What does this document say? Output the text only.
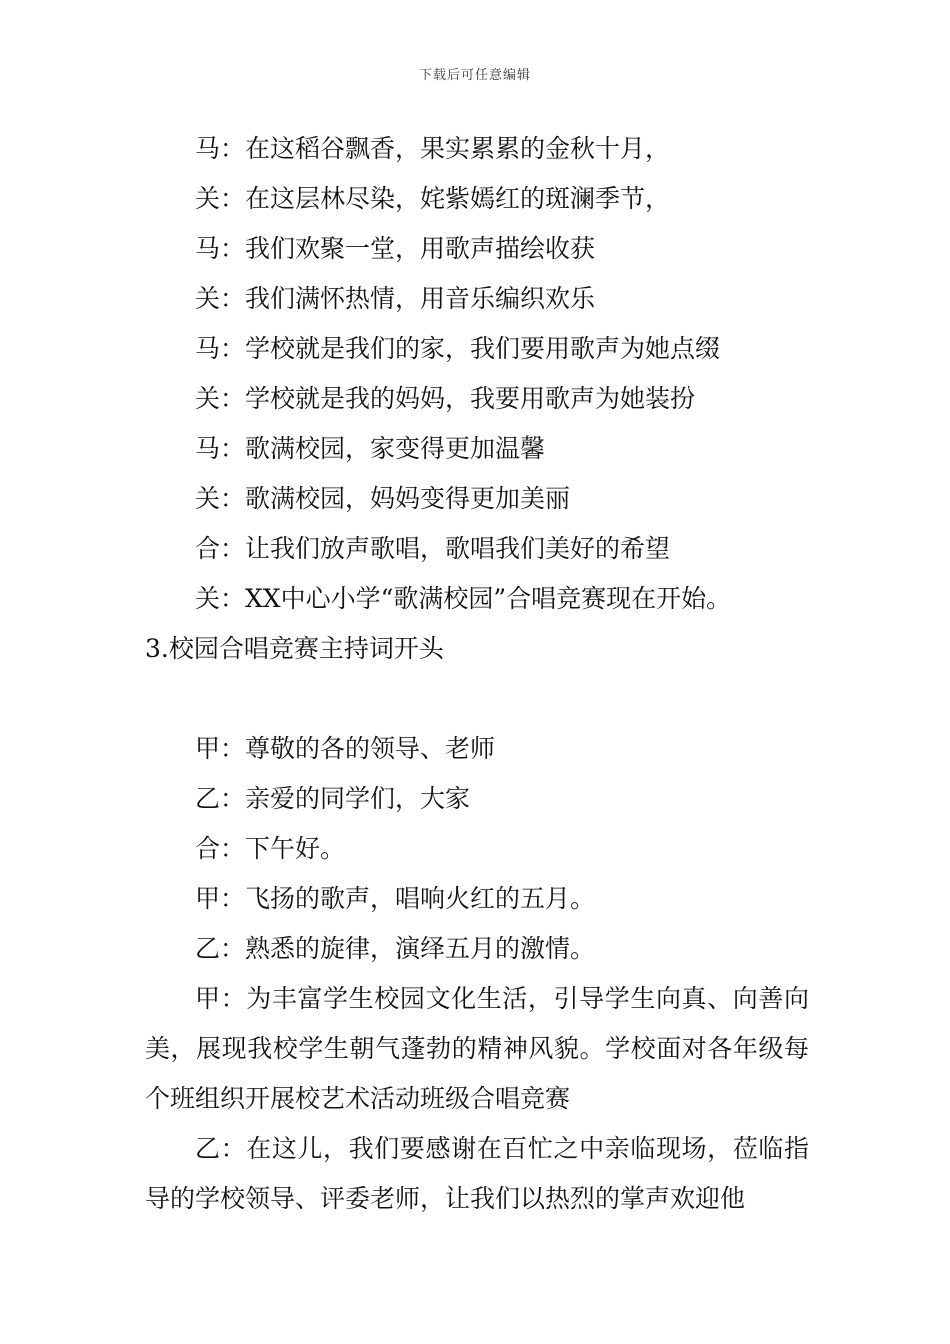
下载后可任意编辑
马：在这稻谷飘香，果实累累的金秋十月，
关：在这层林尽染，姹紫嫣红的斑澜季节，
马：我们欢聚一堂，用歌声描绘收获
关：我们满怀热情，用音乐编织欢乐
马：学校就是我们的家，我们要用歌声为她点缀
关：学校就是我的妈妈，我要用歌声为她装扮
马：歌满校园，家变得更加温馨
关：歌满校园，妈妈变得更加美丽
合：让我们放声歌唱，歌唱我们美好的希望
关：XX中心小学“歌满校园”合唱竞赛现在开始。
3.校园合唱竞赛主持词开头
甲：尊敬的各的领导、老师
乙：亲爱的同学们，大家
合：下午好。
甲：飞扬的歌声，唱响火红的五月。
乙：熟悉的旋律，演绎五月的激情。

甲：为丰富学生校园文化生活，引导学生向真、向善向美，展现我校学生朝气蓬勃的精神风貌。学校面对各年级每个班组织开展校艺术活动班级合唱竞赛

乙：在这儿，我们要感谢在百忙之中亲临现场，莅临指导的学校领导、评委老师，让我们以热烈的掌声欢迎他
